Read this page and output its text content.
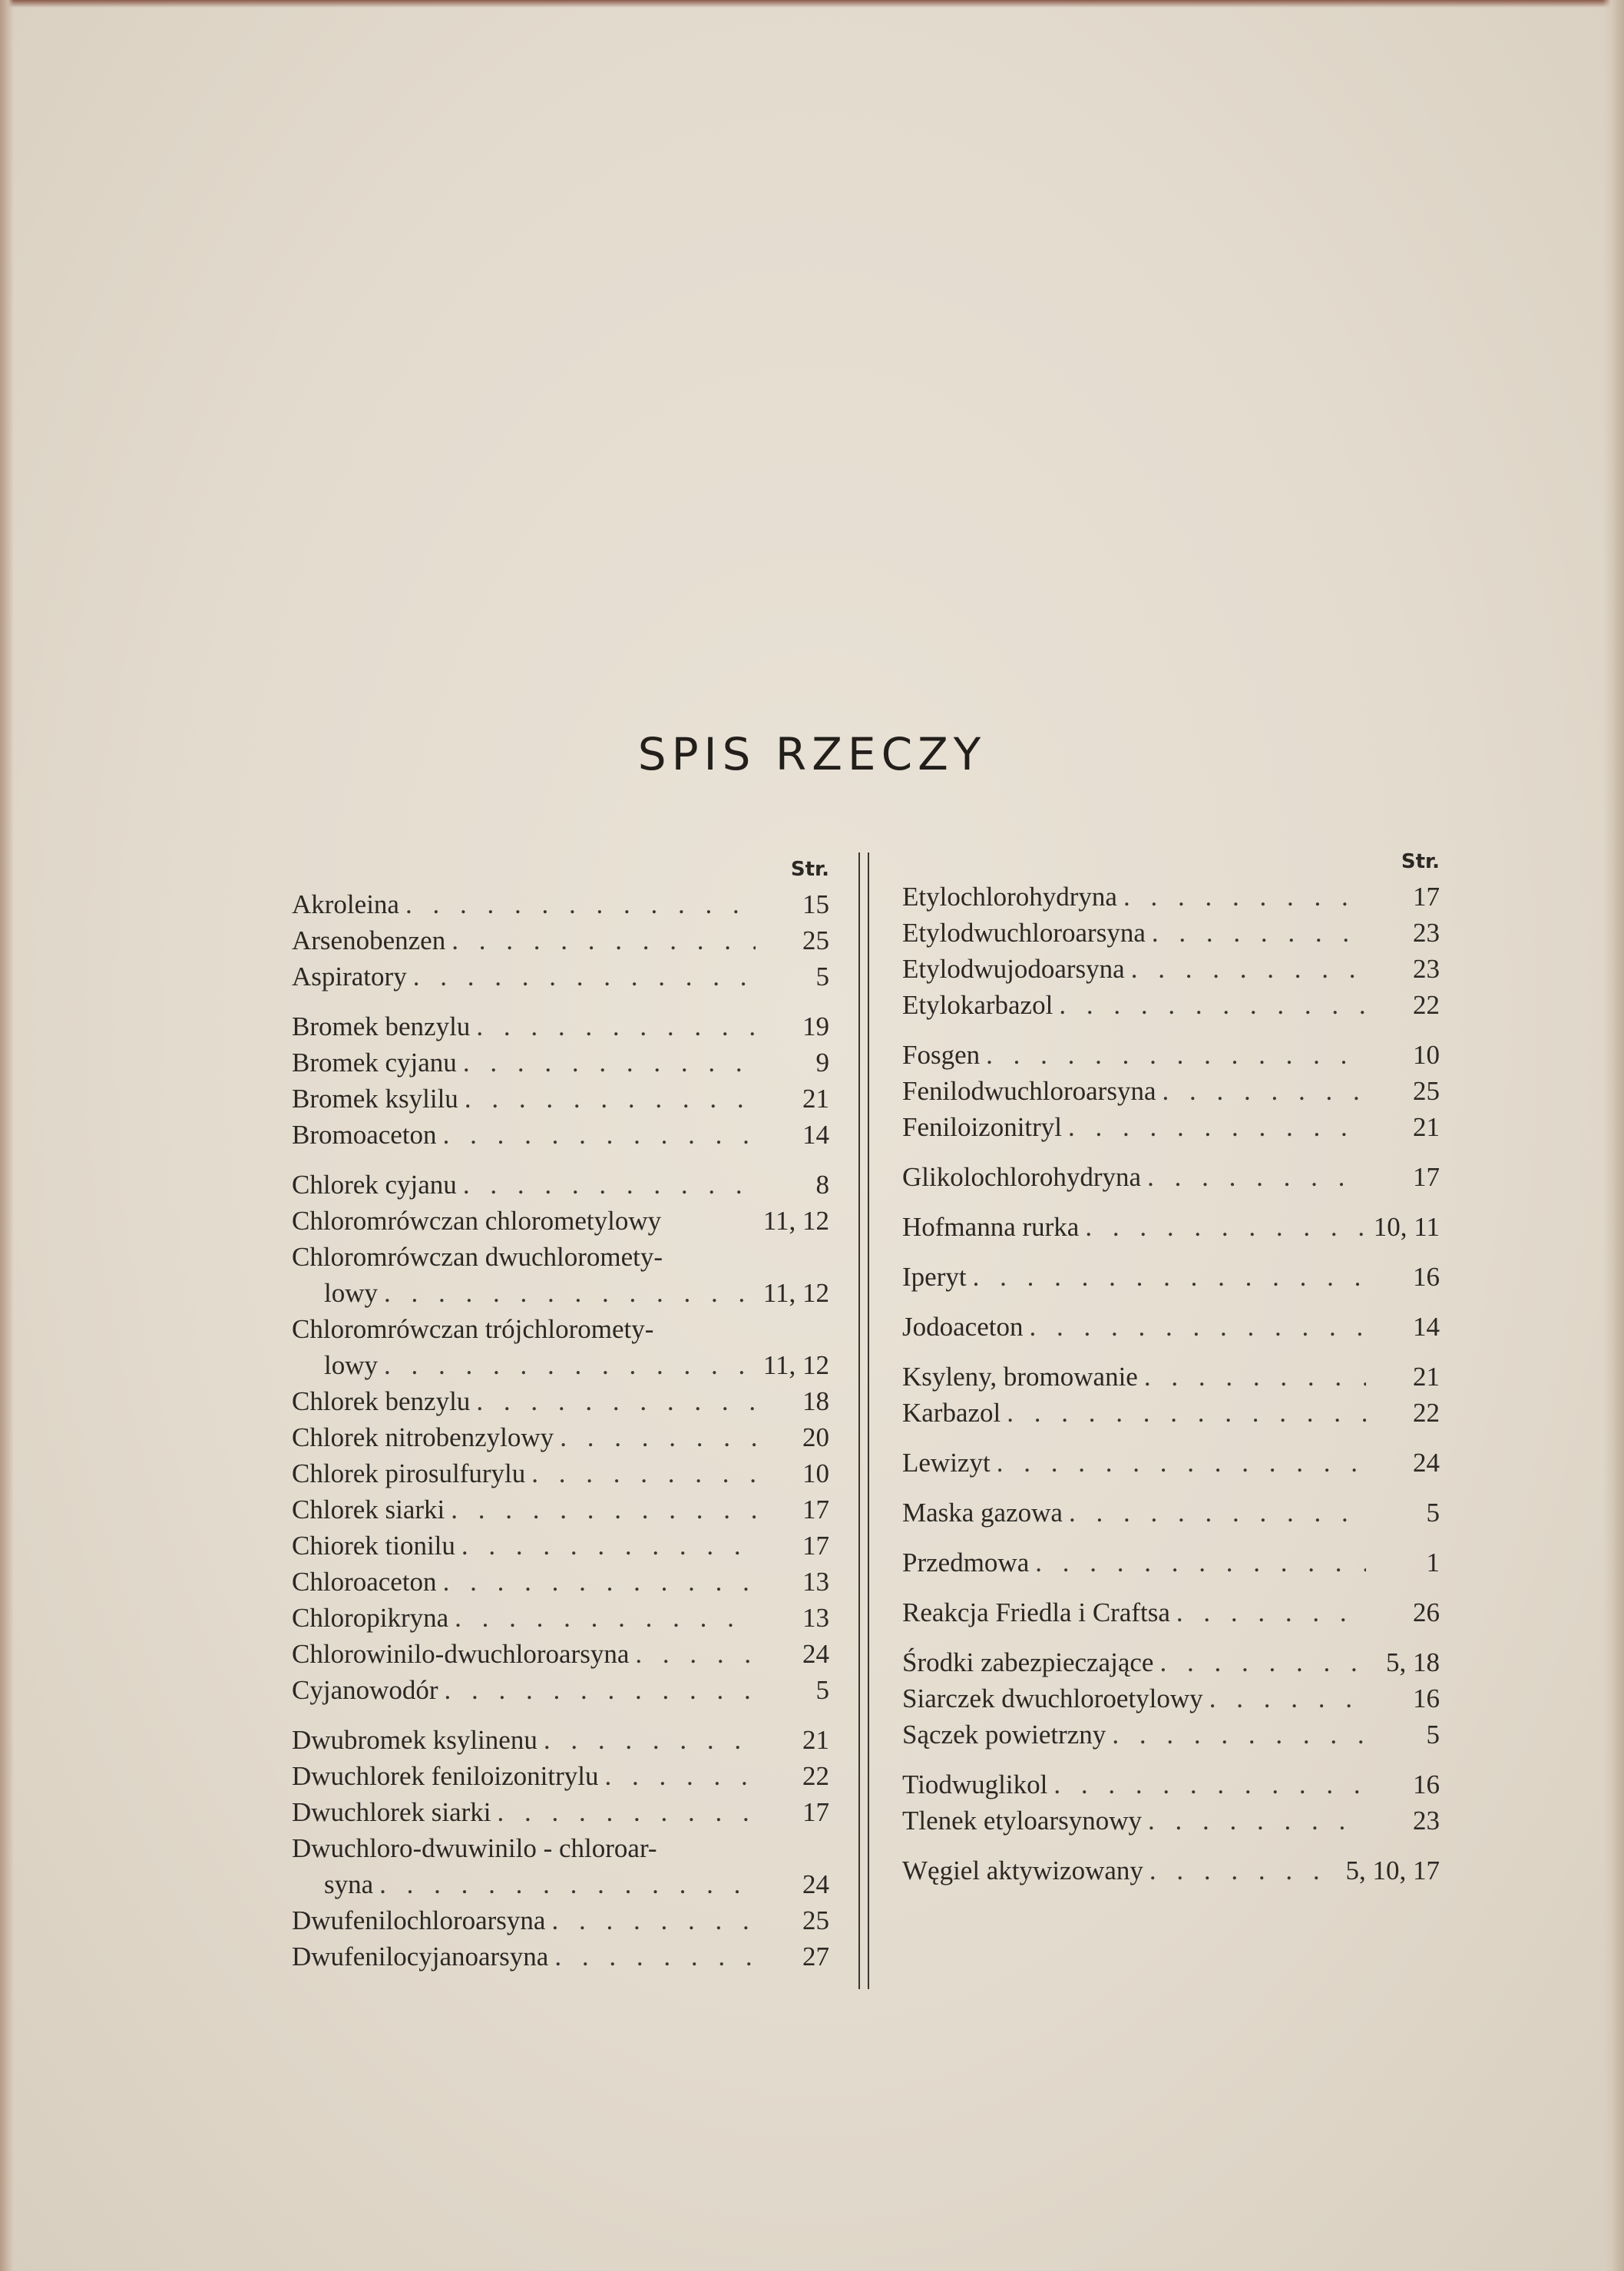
SPIS RZECZY
Str.
Akroleina . . .	15
Arsenobenzen . . .	25
Aspiratory . . .	5
Bromek benzylu . . .	19
Bromek cyjanu . . .	9
Bromek ksylilu . . .	21
Bromoaceton . . .	14
Chlorek cyjanu . . .	8
Chloromrówczan chlorometylowy	11, 12
Chloromrówczan dwuchloromety-
lowy . . .	11, 12
Chloromrówczan trójchloromety-
lowy . . .	11, 12
Chlorek benzylu . . .	18
Chlorek nitrobenzylowy . . .	20
Chlorek pirosulfurylu . . .	10
Chlorek siarki . . .	17
Chiorek tionilu . . .	17
Chloroaceton . . .	13
Chloropikryna . . .	13
Chlorowinilo-dwuchloroarsyna . . .	24
Cyjanowodór . . .	5
Dwubromek ksylinenu . . .	21
Dwuchlorek feniloizonitrylu . . .	22
Dwuchlorek siarki . . .	17
Dwuchloro-dwuwinilo - chloroar-
syna . . .	24
Dwufenilochloroarsyna . . .	25
Dwufenilocyjanoarsyna . . .	27
Str.
Etylochlorohydryna . . .	17
Etylodwuchloroarsyna . . .	23
Etylodwujodoarsyna . . .	23
Etylokarbazol . . .	22
Fosgen . . .	10
Fenilodwuchloroarsyna . . .	25
Feniloizonitryl . . .	21
Glikolochlorohydryna . . .	17
Hofmanna rurka . . .	10, 11
Iperyt . . .	16
Jodoaceton . . .	14
Ksyleny, bromowanie . . .	21
Karbazol . . .	22
Lewizyt . . .	24
Maska gazowa . . .	5
Przedmowa . . .	1
Reakcja Friedla i Craftsa . . .	26
Środki zabezpieczające . . .	5, 18
Siarczek dwuchloroetylowy . . .	16
Sączek powietrzny . . .	5
Tiodwuglikol . . .	16
Tlenek etyloarsynowy . . .	23
Węgiel aktywizowany . . .	5, 10, 17
